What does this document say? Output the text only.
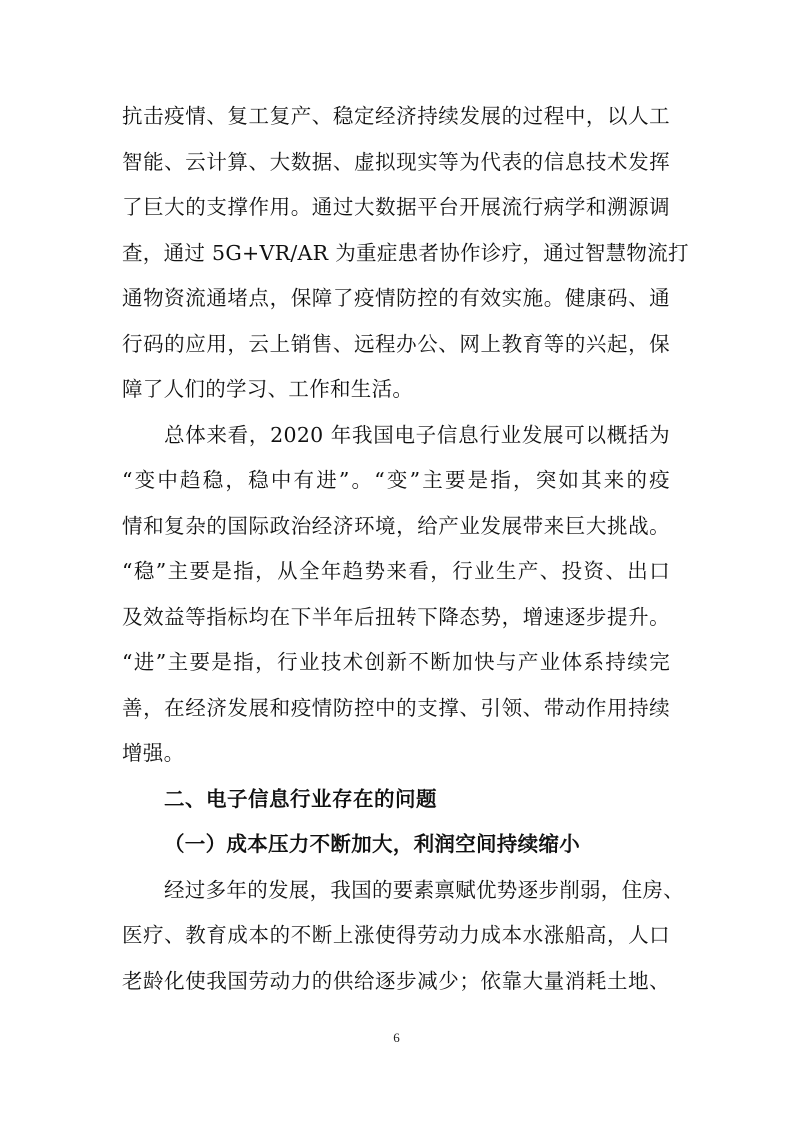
抗击疫情、复工复产、稳定经济持续发展的过程中，以人工
智能、云计算、大数据、虚拟现实等为代表的信息技术发挥
了巨大的支撑作用。通过大数据平台开展流行病学和溯源调
查，通过 5G+VR/AR 为重症患者协作诊疗，通过智慧物流打
通物资流通堵点，保障了疫情防控的有效实施。健康码、通
行码的应用，云上销售、远程办公、网上教育等的兴起，保
障了人们的学习、工作和生活。
总体来看，2020 年我国电子信息行业发展可以概括为
“变中趋稳，稳中有进”。“变”主要是指，突如其来的疫
情和复杂的国际政治经济环境，给产业发展带来巨大挑战。
“稳”主要是指，从全年趋势来看，行业生产、投资、出口
及效益等指标均在下半年后扭转下降态势，增速逐步提升。
“进”主要是指，行业技术创新不断加快与产业体系持续完
善，在经济发展和疫情防控中的支撑、引领、带动作用持续
增强。
二、电子信息行业存在的问题
（一）成本压力不断加大，利润空间持续缩小
经过多年的发展，我国的要素禀赋优势逐步削弱，住房、
医疗、教育成本的不断上涨使得劳动力成本水涨船高，人口
老龄化使我国劳动力的供给逐步减少；依靠大量消耗土地、
6
